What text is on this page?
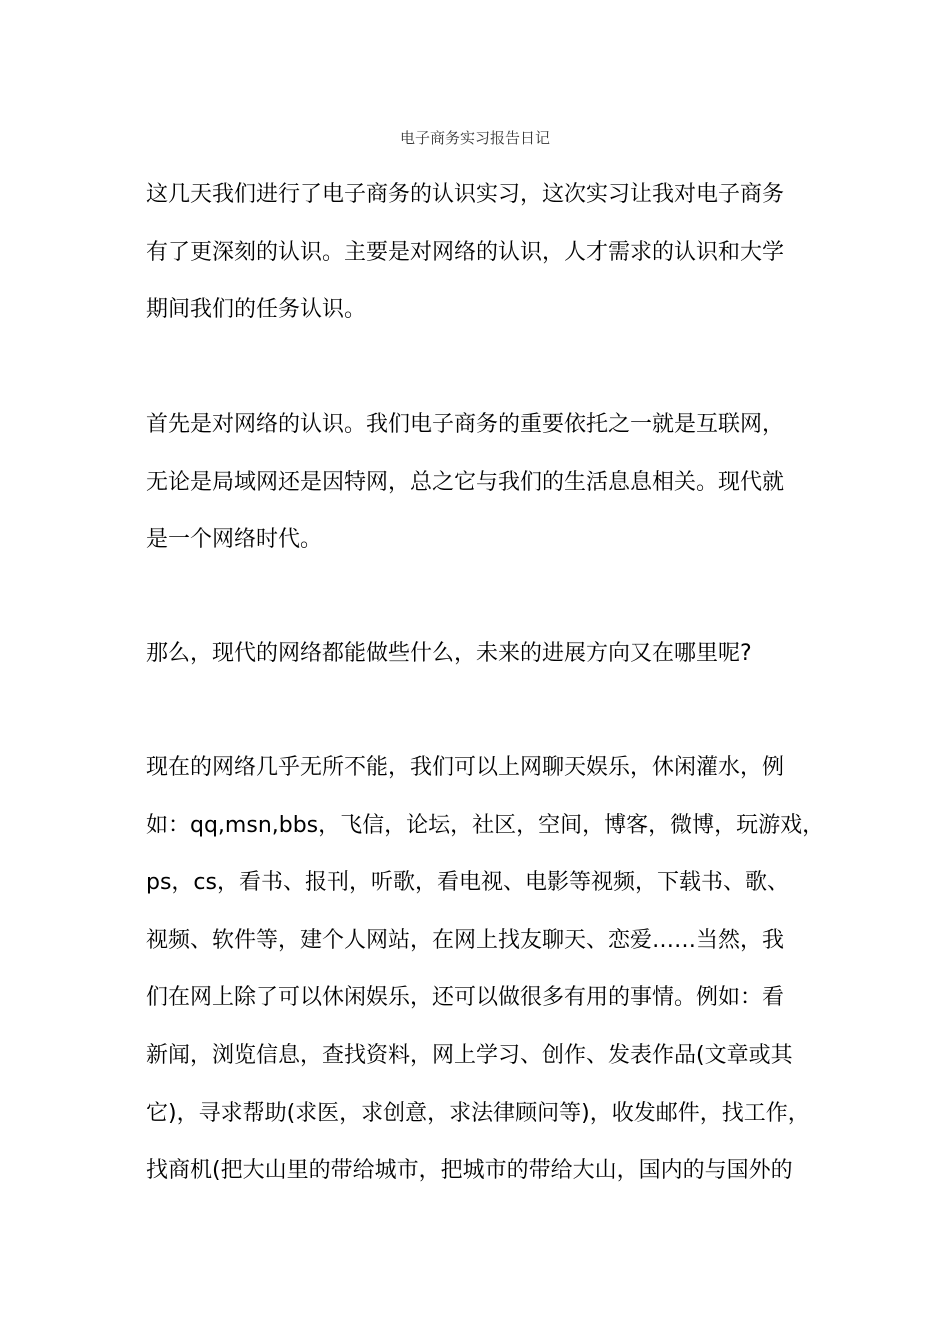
电子商务实习报告日记
这几天我们进行了电子商务的认识实习，这次实习让我对电子商务
有了更深刻的认识。主要是对网络的认识，人才需求的认识和大学
期间我们的任务认识。
首先是对网络的认识。我们电子商务的重要依托之一就是互联网，
无论是局域网还是因特网，总之它与我们的生活息息相关。现代就
是一个网络时代。
那么，现代的网络都能做些什么，未来的进展方向又在哪里呢?
现在的网络几乎无所不能，我们可以上网聊天娱乐，休闲灌水，例
如：qq,msn,bbs，飞信，论坛，社区，空间，博客，微博，玩游戏，
ps，cs，看书、报刊，听歌，看电视、电影等视频，下载书、歌、
视频、软件等，建个人网站，在网上找友聊天、恋爱……当然，我
们在网上除了可以休闲娱乐，还可以做很多有用的事情。例如：看
新闻，浏览信息，查找资料，网上学习、创作、发表作品(文章或其
它)，寻求帮助(求医，求创意，求法律顾问等)，收发邮件，找工作，
找商机(把大山里的带给城市，把城市的带给大山，国内的与国外的
